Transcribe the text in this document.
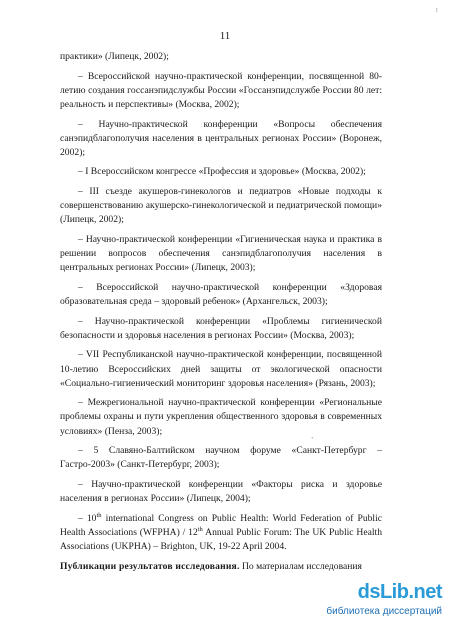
t
11

практики» (Липецк, 2002);

– Всероссийской научно-практической конференции, посвященной 80-летию создания госсанэпидслужбы России «Госсанэпидслужбе России 80 лет: реальность и перспективы» (Москва, 2002);

– Научно-практической конференции «Вопросы обеспечения санэпидблагополучия населения в центральных регионах России» (Воронеж, 2002);

– I Всероссийском конгрессе «Профессия и здоровье» (Москва, 2002);

– III съезде акушеров-гинекологов и педиатров «Новые подходы к совершенствованию акушерско-гинекологической и педиатрической помощи» (Липецк, 2002);

– Научно-практической конференции «Гигиеническая наука и практика в решении вопросов обеспечения санэпидблагополучия населения в центральных регионах России» (Липецк, 2003);

– Всероссийской научно-практической конференции «Здоровая образовательная среда – здоровый ребенок» (Архангельск, 2003);

– Научно-практической конференции «Проблемы гигиенической безопасности и здоровья населения в регионах России» (Москва, 2003);

– VII Республиканской научно-практической конференции, посвященной 10-летию Всероссийских дней защиты от экологической опасности «Социально-гигиенический мониторинг здоровья населения» (Рязань, 2003);

– Межрегиональной научно-практической конференции «Региональные проблемы охраны и пути укрепления общественного здоровья в современных условиях» (Пенза, 2003);

– 5 Славяно-Балтийском научном форуме «Санкт-Петербург – Гастро-2003» (Санкт-Петербург, 2003);

– Научно-практической конференции «Факторы риска и здоровье населения в регионах России» (Липецк, 2004);

– 10th international Congress on Public Health: World Federation of Public Health Associations (WFPHA) / 12th Annual Public Forum: The UK Public Health Associations (UKPHA) – Brighton, UK, 19-22 April 2004.

Публикации результатов исследования. По материалам исследования

`
dsLib.net
библиотека диссертаций
